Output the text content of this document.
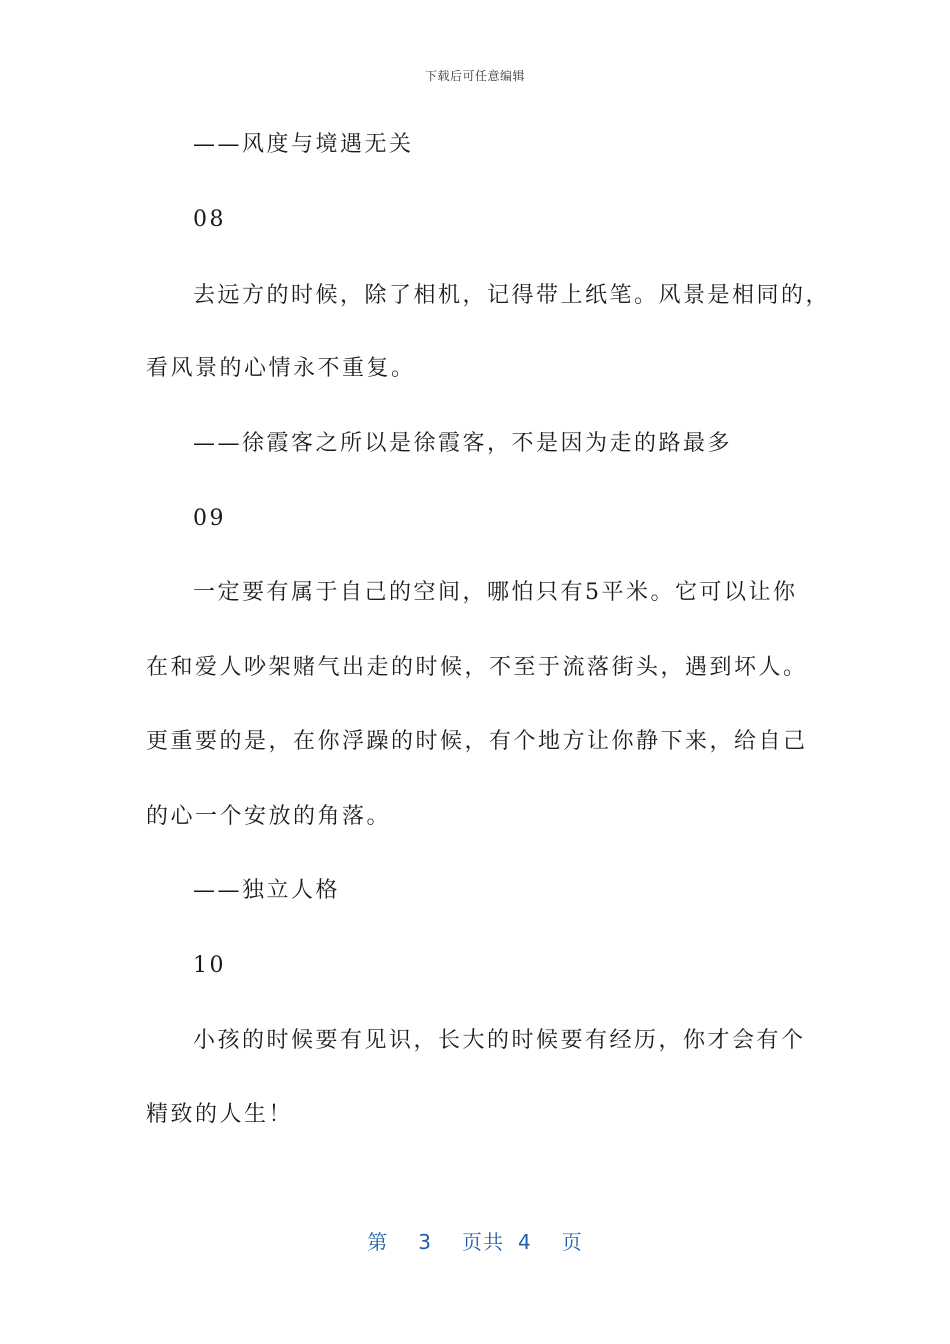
下载后可任意编辑
——风度与境遇无关
08
去远方的时候，除了相机，记得带上纸笔。风景是相同的，
看风景的心情永不重复。
——徐霞客之所以是徐霞客，不是因为走的路最多
09
一定要有属于自己的空间，哪怕只有5平米。它可以让你
在和爱人吵架赌气出走的时候，不至于流落街头，遇到坏人。
更重要的是，在你浮躁的时候，有个地方让你静下来，给自己
的心一个安放的角落。
——独立人格
10
小孩的时候要有见识，长大的时候要有经历，你才会有个
精致的人生！
第 3 页共 4 页
